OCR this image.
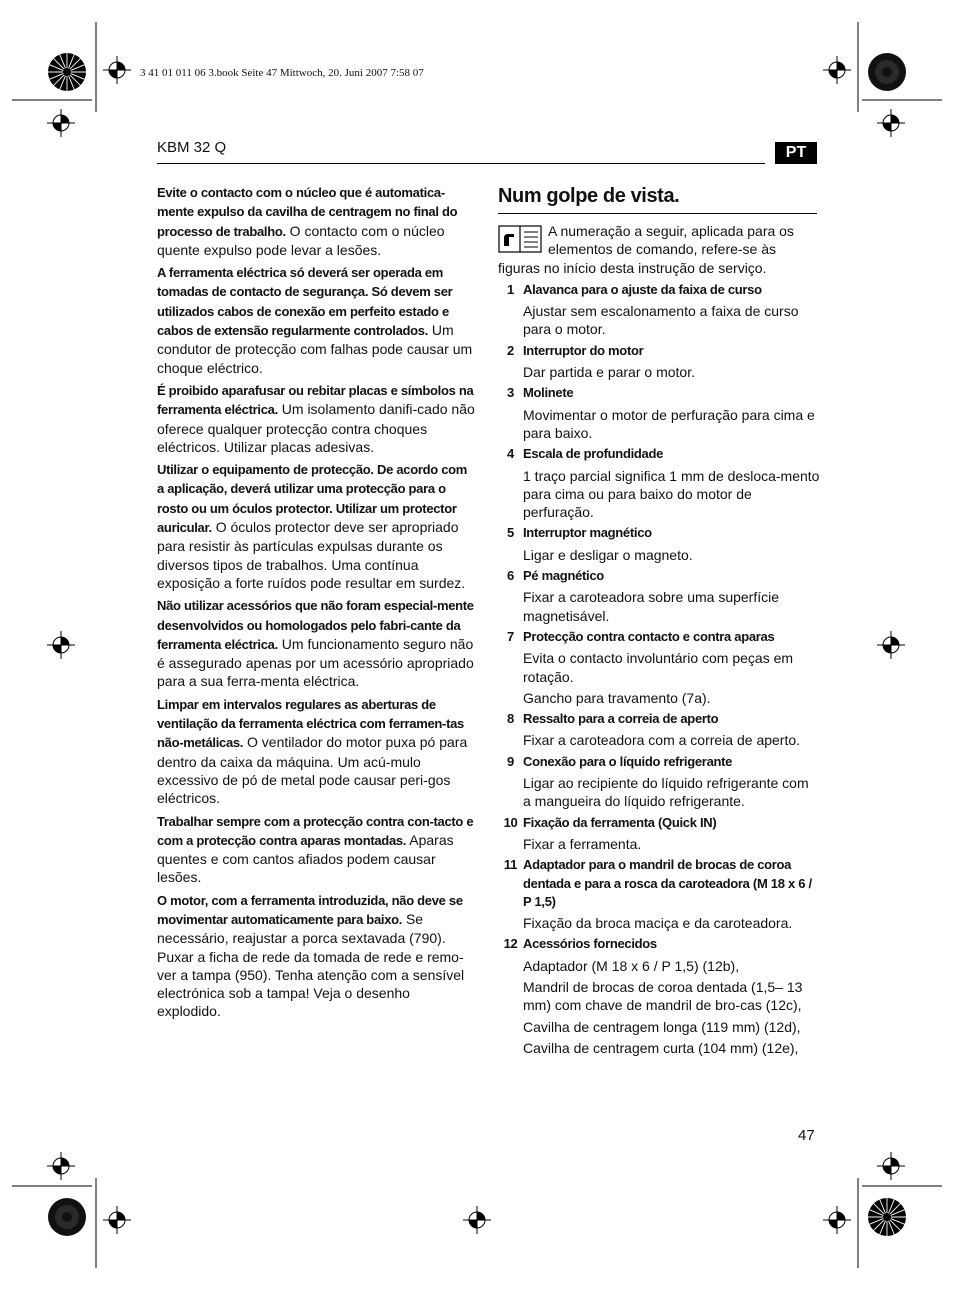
3 41 01 011 06 3.book Seite 47 Mittwoch, 20. Juni 2007 7:58 07
KBM 32 Q	PT

Evite o contacto com o núcleo que é automatica-mente expulso da cavilha de centragem no final do processo de trabalho. O contacto com o núcleo quente expulso pode levar a lesões.

A ferramenta eléctrica só deverá ser operada em tomadas de contacto de segurança. Só devem ser utilizados cabos de conexão em perfeito estado e cabos de extensão regularmente controlados. Um condutor de protecção com falhas pode causar um choque eléctrico.

É proibido aparafusar ou rebitar placas e símbolos na ferramenta eléctrica. Um isolamento danifi-cado não oferece qualquer protecção contra choques eléctricos. Utilizar placas adesivas.

Utilizar o equipamento de protecção. De acordo com a aplicação, deverá utilizar uma protecção para o rosto ou um óculos protector. Utilizar um protector auricular. O óculos protector deve ser apropriado para resistir às partículas expulsas durante os diversos tipos de trabalhos. Uma contínua exposição a forte ruídos pode resultar em surdez.

Não utilizar acessórios que não foram especial-mente desenvolvidos ou homologados pelo fabri-cante da ferramenta eléctrica. Um funcionamento seguro não é assegurado apenas por um acessório apropriado para a sua ferra-menta eléctrica.

Limpar em intervalos regulares as aberturas de ventilação da ferramenta eléctrica com ferramen-tas não-metálicas. O ventilador do motor puxa pó para dentro da caixa da máquina. Um acú-mulo excessivo de pó de metal pode causar peri-gos eléctricos.

Trabalhar sempre com a protecção contra con-tacto e com a protecção contra aparas montadas. Aparas quentes e com cantos afiados podem causar lesões.

O motor, com a ferramenta introduzida, não deve se movimentar automaticamente para baixo. Se necessário, reajustar a porca sextavada (790). Puxar a ficha de rede da tomada de rede e remo-ver a tampa (950). Tenha atenção com a sensível electrónica sob a tampa! Veja o desenho explodido.

Num golpe de vista.
A numeração a seguir, aplicada para os elementos de comando, refere-se às figuras no início desta instrução de serviço.
1 Alavanca para o ajuste da faixa de curso

Ajustar sem escalonamento a faixa de curso para o motor.

2 Interruptor do motor

Dar partida e parar o motor.

3 Molinete

Movimentar o motor de perfuração para cima e para baixo.

4 Escala de profundidade

1 traço parcial significa 1 mm de desloca-mento para cima ou para baixo do motor de perfuração.

5 Interruptor magnético

Ligar e desligar o magneto.

6 Pé magnético

Fixar a caroteadora sobre uma superfície magnetisável.

7 Protecção contra contacto e contra aparas

Evita o contacto involuntário com peças em rotação.

Gancho para travamento (7a).

8 Ressalto para a correia de aperto

Fixar a caroteadora com a correia de aperto.

9 Conexão para o líquido refrigerante

Ligar ao recipiente do líquido refrigerante com a mangueira do líquido refrigerante.

10 Fixação da ferramenta (Quick IN)

Fixar a ferramenta.

11 Adaptador para o mandril de brocas de coroa dentada e para a rosca da caroteadora (M 18 x 6 / P 1,5)

Fixação da broca maciça e da caroteadora.

12 Acessórios fornecidos

Adaptador (M 18 x 6 / P 1,5) (12b),

Mandril de brocas de coroa dentada (1,5– 13 mm) com chave de mandril de bro-cas (12c),

Cavilha de centragem longa (119 mm) (12d),

Cavilha de centragem curta (104 mm) (12e),

47
